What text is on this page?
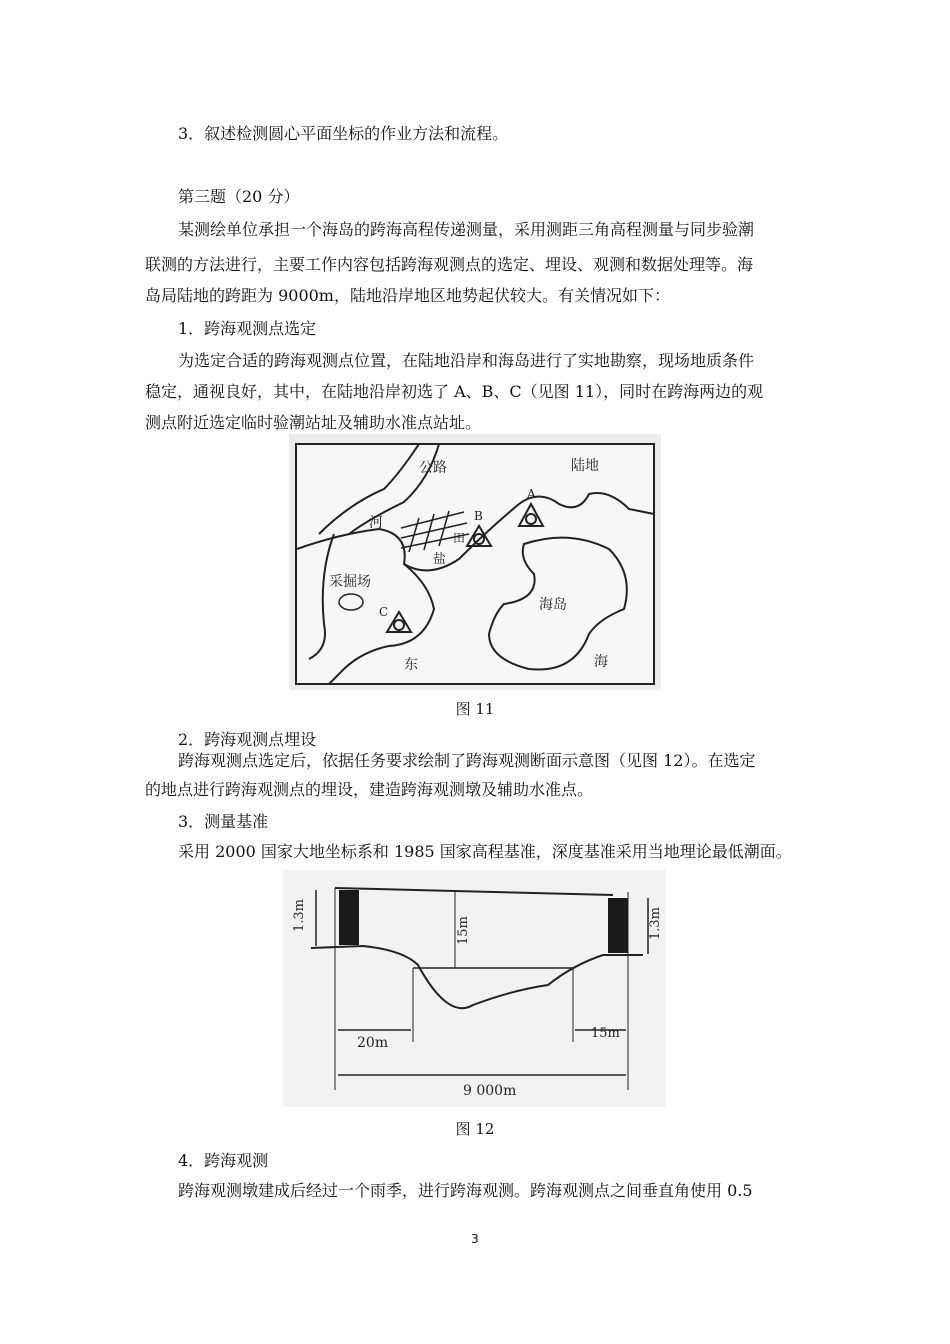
3．叙述检测圆心平面坐标的作业方法和流程。
第三题（20 分）
某测绘单位承担一个海岛的跨海高程传递测量，采用测距三角高程测量与同步验潮
联测的方法进行，主要工作内容包括跨海观测点的选定、埋设、观测和数据处理等。海
岛局陆地的跨距为 9000m，陆地沿岸地区地势起伏较大。有关情况如下：
1．跨海观测点选定
为选定合适的跨海观测点位置，在陆地沿岸和海岛进行了实地勘察，现场地质条件
稳定，通视良好，其中，在陆地沿岸初选了 A、B、C（见图 11），同时在跨海两边的观
测点附近选定临时验潮站址及辅助水准点站址。
公路	陆地
河
盐
田
采掘场
海岛
东	海
A
B
C
图 11
2．跨海观测点埋设
跨海观测点选定后，依据任务要求绘制了跨海观测断面示意图（见图 12）。在选定
的地点进行跨海观测点的埋设，建造跨海观测墩及辅助水准点。
3．测量基准
采用 2000 国家大地坐标系和 1985 国家高程基准，深度基准采用当地理论最低潮面。
1.3m	1.3m
15m
20m
15m
9 000m
图 12
4．跨海观测
跨海观测墩建成后经过一个雨季，进行跨海观测。跨海观测点之间垂直角使用 0.5
3
